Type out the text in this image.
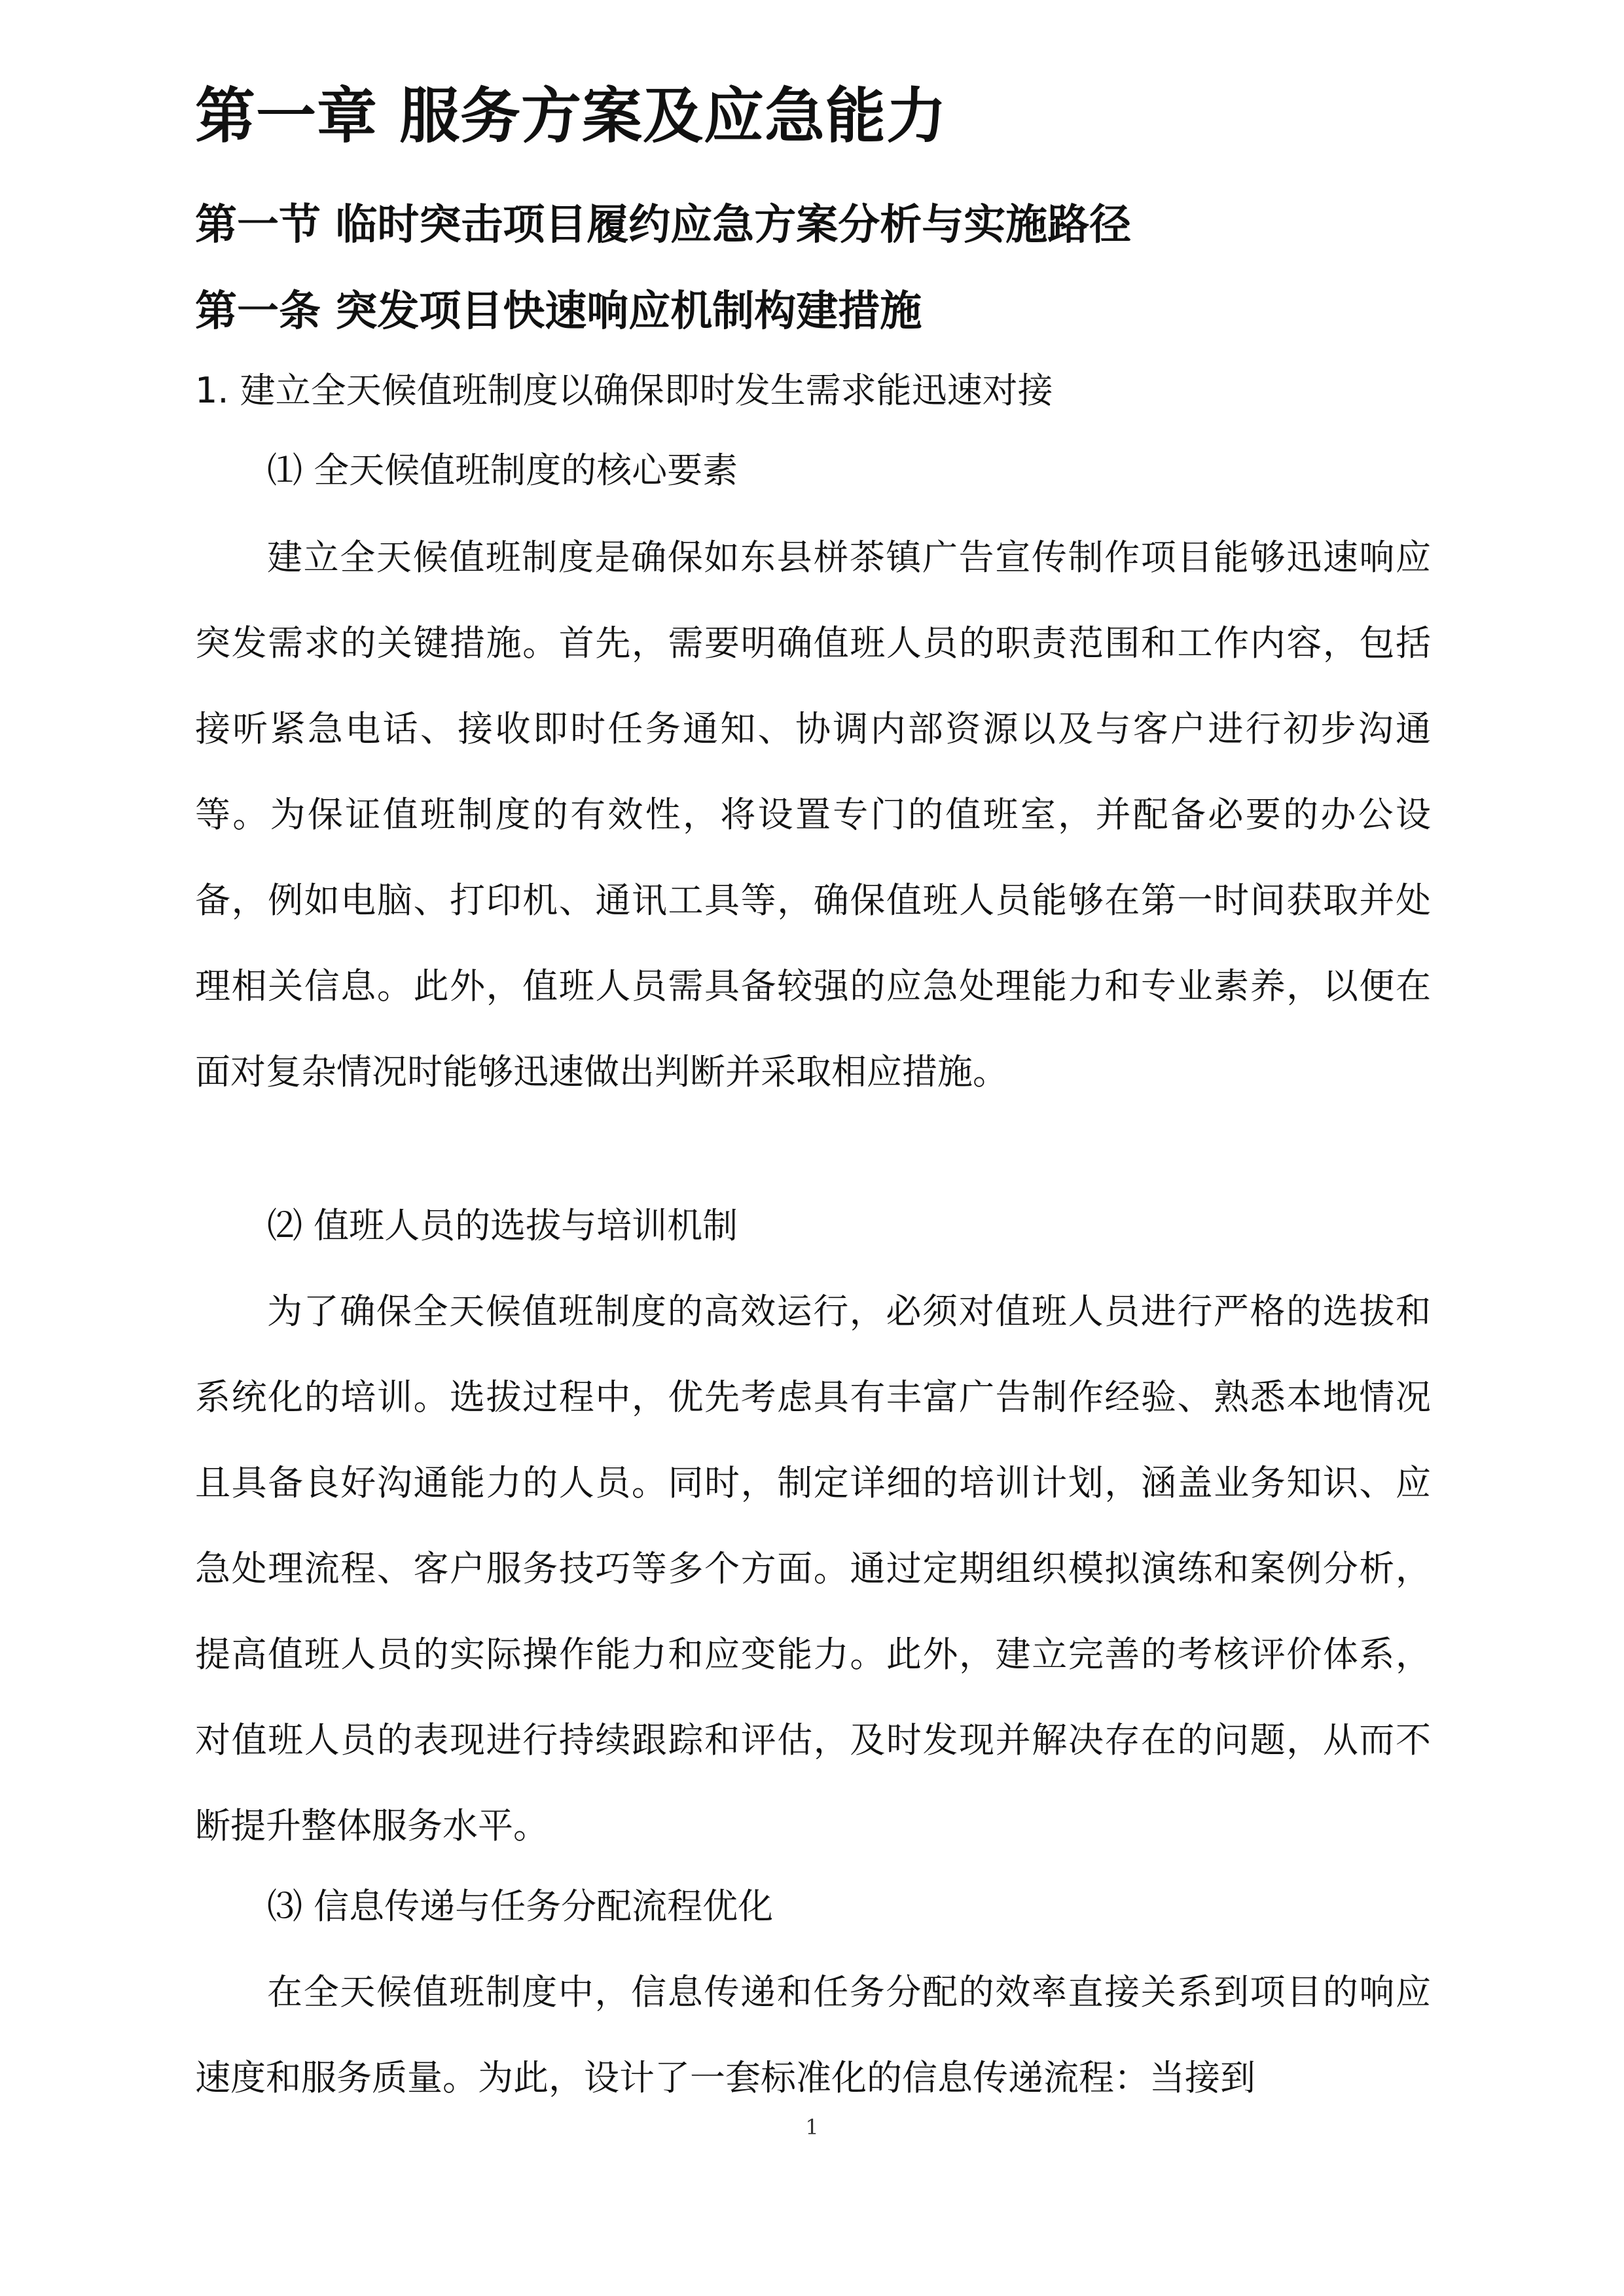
第一章 服务方案及应急能力
第一节 临时突击项目履约应急方案分析与实施路径
第一条 突发项目快速响应机制构建措施
1. 建立全天候值班制度以确保即时发生需求能迅速对接
⑴ 全天候值班制度的核心要素

建立全天候值班制度是确保如东县栟茶镇广告宣传制作项目能够迅速响应突发需求的关键措施。首先，需要明确值班人员的职责范围和工作内容，包括接听紧急电话、接收即时任务通知、协调内部资源以及与客户进行初步沟通等。为保证值班制度的有效性，将设置专门的值班室，并配备必要的办公设备，例如电脑、打印机、通讯工具等，确保值班人员能够在第一时间获取并处理相关信息。此外，值班人员需具备较强的应急处理能力和专业素养，以便在面对复杂情况时能够迅速做出判断并采取相应措施。

⑵ 值班人员的选拔与培训机制

为了确保全天候值班制度的高效运行，必须对值班人员进行严格的选拔和系统化的培训。选拔过程中，优先考虑具有丰富广告制作经验、熟悉本地情况且具备良好沟通能力的人员。同时，制定详细的培训计划，涵盖业务知识、应急处理流程、客户服务技巧等多个方面。通过定期组织模拟演练和案例分析，提高值班人员的实际操作能力和应变能力。此外，建立完善的考核评价体系，对值班人员的表现进行持续跟踪和评估，及时发现并解决存在的问题，从而不断提升整体服务水平。

⑶ 信息传递与任务分配流程优化

在全天候值班制度中，信息传递和任务分配的效率直接关系到项目的响应速度和服务质量。为此，设计了一套标准化的信息传递流程：当接到

1
